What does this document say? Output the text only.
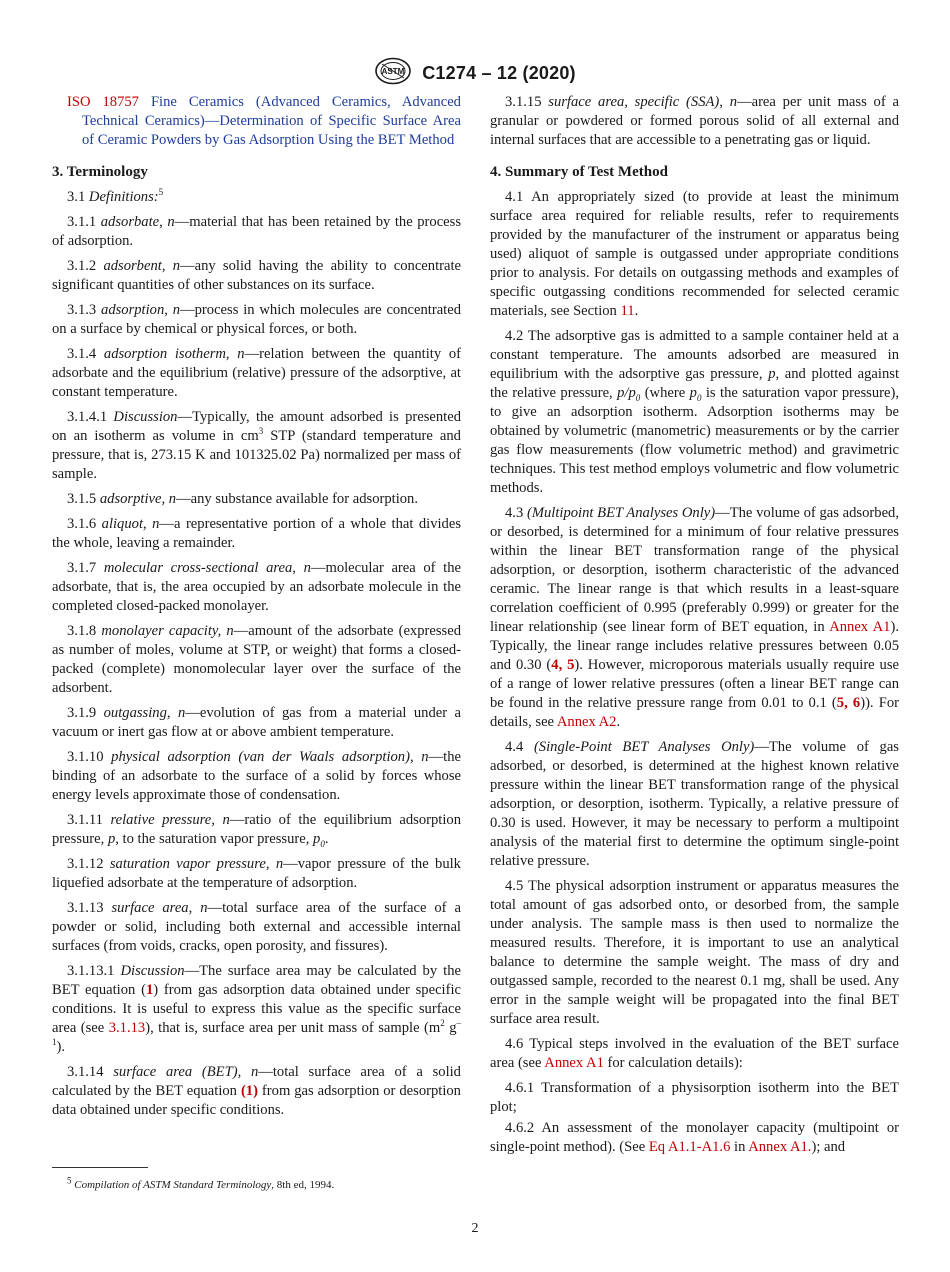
ASTM C1274 – 12 (2020)

ISO 18757 Fine Ceramics (Advanced Ceramics, Advanced Technical Ceramics)—Determination of Specific Surface Area of Ceramic Powders by Gas Adsorption Using the BET Method

3. Terminology

3.1 Definitions:$^5$

3.1.1 adsorbate, n—material that has been retained by the process of adsorption.

3.1.2 adsorbent, n—any solid having the ability to concentrate significant quantities of other substances on its surface.

3.1.3 adsorption, n—process in which molecules are concentrated on a surface by chemical or physical forces, or both.

3.1.4 adsorption isotherm, n—relation between the quantity of adsorbate and the equilibrium (relative) pressure of the adsorptive, at constant temperature.

3.1.4.1 Discussion—Typically, the amount adsorbed is presented on an isotherm as volume in $cm^3$ STP (standard temperature and pressure, that is, 273.15 K and 101325.02 Pa) normalized per mass of sample.

3.1.5 adsorptive, n—any substance available for adsorption.

3.1.6 aliquot, n—a representative portion of a whole that divides the whole, leaving a remainder.

3.1.7 molecular cross-sectional area, n—molecular area of the adsorbate, that is, the area occupied by an adsorbate molecule in the completed closed-packed monolayer.

3.1.8 monolayer capacity, n—amount of the adsorbate (expressed as number of moles, volume at STP, or weight) that forms a closed-packed (complete) monomolecular layer over the surface of the adsorbent.

3.1.9 outgassing, n—evolution of gas from a material under a vacuum or inert gas flow at or above ambient temperature.

3.1.10 physical adsorption (van der Waals adsorption), n—the binding of an adsorbate to the surface of a solid by forces whose energy levels approximate those of condensation.

3.1.11 relative pressure, n—ratio of the equilibrium adsorption pressure, p, to the saturation vapor pressure, $p_0$.

3.1.12 saturation vapor pressure, n—vapor pressure of the bulk liquefied adsorbate at the temperature of adsorption.

3.1.13 surface area, n—total surface area of the surface of a powder or solid, including both external and accessible internal surfaces (from voids, cracks, open porosity, and fissures).

3.1.13.1 Discussion—The surface area may be calculated by the BET equation (1) from gas adsorption data obtained under specific conditions. It is useful to express this value as the specific surface area (see 3.1.13), that is, surface area per unit mass of sample ($m^2$ $g^{-1}$).

3.1.14 surface area (BET), n—total surface area of a solid calculated by the BET equation (1) from gas adsorption or desorption data obtained under specific conditions.

3.1.15 surface area, specific (SSA), n—area per unit mass of a granular or powdered or formed porous solid of all external and internal surfaces that are accessible to a penetrating gas or liquid.

4. Summary of Test Method

4.1 An appropriately sized (to provide at least the minimum surface area required for reliable results, refer to requirements provided by the manufacturer of the instrument or apparatus being used) aliquot of sample is outgassed under appropriate conditions prior to analysis. For details on outgassing methods and examples of specific outgassing conditions recommended for selected ceramic materials, see Section 11.

4.2 The adsorptive gas is admitted to a sample container held at a constant temperature. The amounts adsorbed are measured in equilibrium with the adsorptive gas pressure, p, and plotted against the relative pressure, $p/p_0$ (where $p_0$ is the saturation vapor pressure), to give an adsorption isotherm. Adsorption isotherms may be obtained by volumetric (manometric) measurements or by the carrier gas flow measurements (flow volumetric method) and gravimetric techniques. This test method employs volumetric and flow volumetric methods.

4.3 (Multipoint BET Analyses Only)—The volume of gas adsorbed, or desorbed, is determined for a minimum of four relative pressures within the linear BET transformation range of the physical adsorption, or desorption, isotherm characteristic of the advanced ceramic. The linear range is that which results in a least-square correlation coefficient of 0.995 (preferably 0.999) or greater for the linear relationship (see linear form of BET equation, in Annex A1). Typically, the linear range includes relative pressures between 0.05 and 0.30 (4, 5). However, microporous materials usually require use of a range of lower relative pressures (often a linear BET range can be found in the relative pressure range from 0.01 to 0.1 (5, 6)). For details, see Annex A2.

4.4 (Single-Point BET Analyses Only)—The volume of gas adsorbed, or desorbed, is determined at the highest known relative pressure within the linear BET transformation range of the physical adsorption, or desorption, isotherm. Typically, a relative pressure of 0.30 is used. However, it may be necessary to perform a multipoint analysis of the material first to determine the optimum single-point relative pressure.

4.5 The physical adsorption instrument or apparatus measures the total amount of gas adsorbed onto, or desorbed from, the sample under analysis. The sample mass is then used to normalize the measured results. Therefore, it is important to use an analytical balance to determine the sample weight. The mass of dry and outgassed sample, recorded to the nearest 0.1 mg, shall be used. Any error in the sample weight will be propagated into the final BET surface area result.

4.6 Typical steps involved in the evaluation of the BET surface area (see Annex A1 for calculation details):

4.6.1 Transformation of a physisorption isotherm into the BET plot;

4.6.2 An assessment of the monolayer capacity (multipoint or single-point method). (See Eq A1.1-A1.6 in Annex A1.); and

$^5$ Compilation of ASTM Standard Terminology, 8th ed, 1994.
2
